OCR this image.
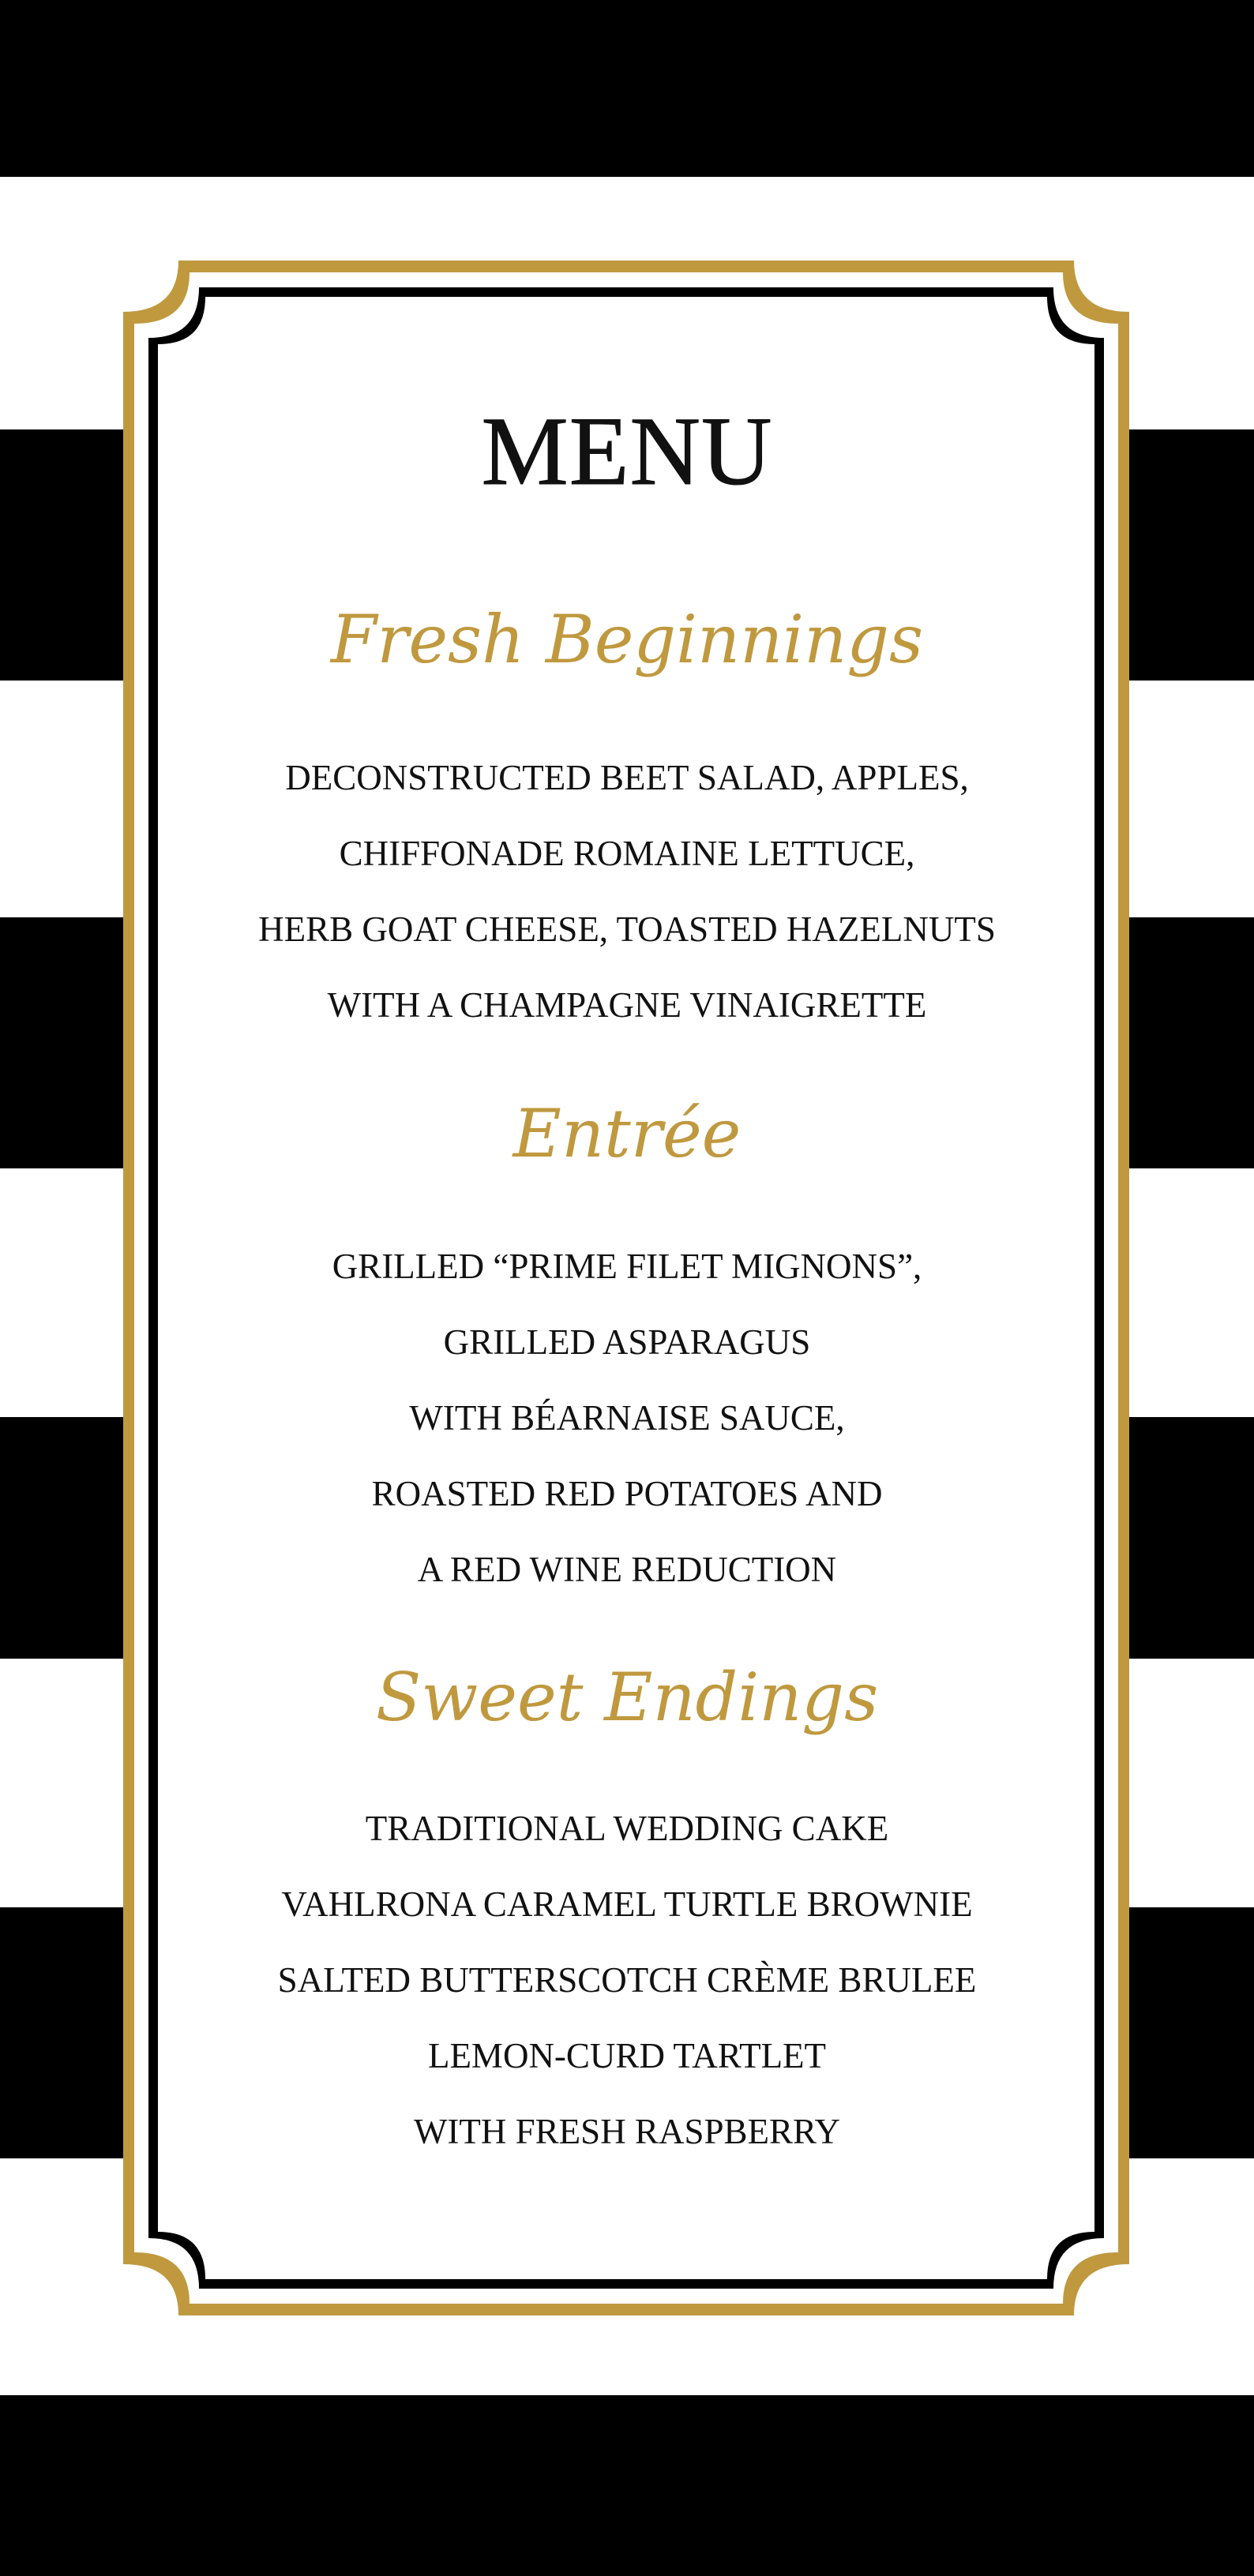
MENU
Fresh Beginnings
DECONSTRUCTED BEET SALAD, APPLES,
CHIFFONADE ROMAINE LETTUCE,
HERB GOAT CHEESE, TOASTED HAZELNUTS
WITH A CHAMPAGNE VINAIGRETTE
Entrée
GRILLED “PRIME FILET MIGNONS”,
GRILLED ASPARAGUS
WITH BÉARNAISE SAUCE,
ROASTED RED POTATOES AND
A RED WINE REDUCTION
Sweet Endings
TRADITIONAL WEDDING CAKE
VAHLRONA CARAMEL TURTLE BROWNIE
SALTED BUTTERSCOTCH CRÈME BRULEE
LEMON-CURD TARTLET
WITH FRESH RASPBERRY
